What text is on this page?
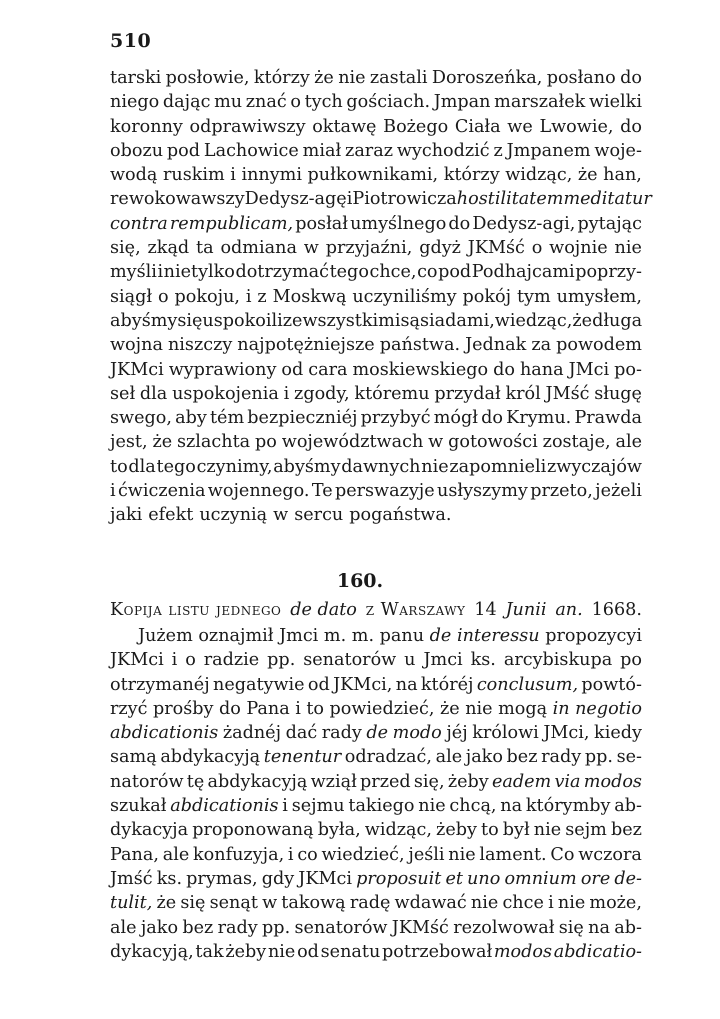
510
tarski posłowie, którzy że nie zastali Doroszeńka, posłano do
niego dając mu znać o tych gościach. Jmpan marszałek wielki
koronny odprawiwszy oktawę Bożego Ciała we Lwowie, do
obozu pod Lachowice miał zaraz wychodzić z Jmpanem woje-
wodą ruskim i innymi pułkownikami, którzy widząc, że han,
rewokowawszy Dedysz-agę i Piotrowicza hostilitatem meditatur
contra rempublicam, posłał umyślnego do Dedysz-agi, pytając
się, zkąd ta odmiana w przyjaźni, gdyż JKMść o wojnie nie
myśli i nietylko dotrzymać tego chce, co pod Podhajcami poprzy-
siągł o pokoju, i z Moskwą uczyniliśmy pokój tym umysłem,
abyśmy się uspokoili ze wszystkimi sąsiadami, wiedząc, że długa
wojna niszczy najpotężniejsze państwa. Jednak za powodem
JKMci wyprawiony od cara moskiewskiego do hana JMci po-
seł dla uspokojenia i zgody, któremu przydał król JMść sługę
swego, aby tém bezpieczniéj przybyć mógł do Krymu. Prawda
jest, że szlachta po województwach w gotowości zostaje, ale
to dla tego czynimy, abyśmy dawnych nie zapomnieli zwyczajów
i ćwiczenia wojennego. Te perswazyje usłyszymy przeto, jeżeli
jaki efekt uczynią w sercu pogaństwa.
160.
Kopija listu jednego de dato z Warszawy 14 Junii an. 1668.
Jużem oznajmił Jmci m. m. panu de interessu propozycyi
JKMci i o radzie pp. senatorów u Jmci ks. arcybiskupa po
otrzymanéj negatywie od JKMci, na któréj conclusum, powtó-
rzyć prośby do Pana i to powiedzieć, że nie mogą in negotio
abdicationis żadnéj dać rady de modo jéj królowi JMci, kiedy
samą abdykacyją tenentur odradzać, ale jako bez rady pp. se-
natorów tę abdykacyją wziął przed się, żeby eadem via modos
szukał abdicationis i sejmu takiego nie chcą, na którymby ab-
dykacyja proponowaną była, widząc, żeby to był nie sejm bez
Pana, ale konfuzyja, i co wiedzieć, jeśli nie lament. Co wczora
Jmść ks. prymas, gdy JKMci proposuit et uno omnium ore de-
tulit, że się senąt w takową radę wdawać nie chce i nie może,
ale jako bez rady pp. senatorów JKMść rezolwował się na ab-
dykacyją, tak żeby nie od senatu potrzebował modos abdicatio-
